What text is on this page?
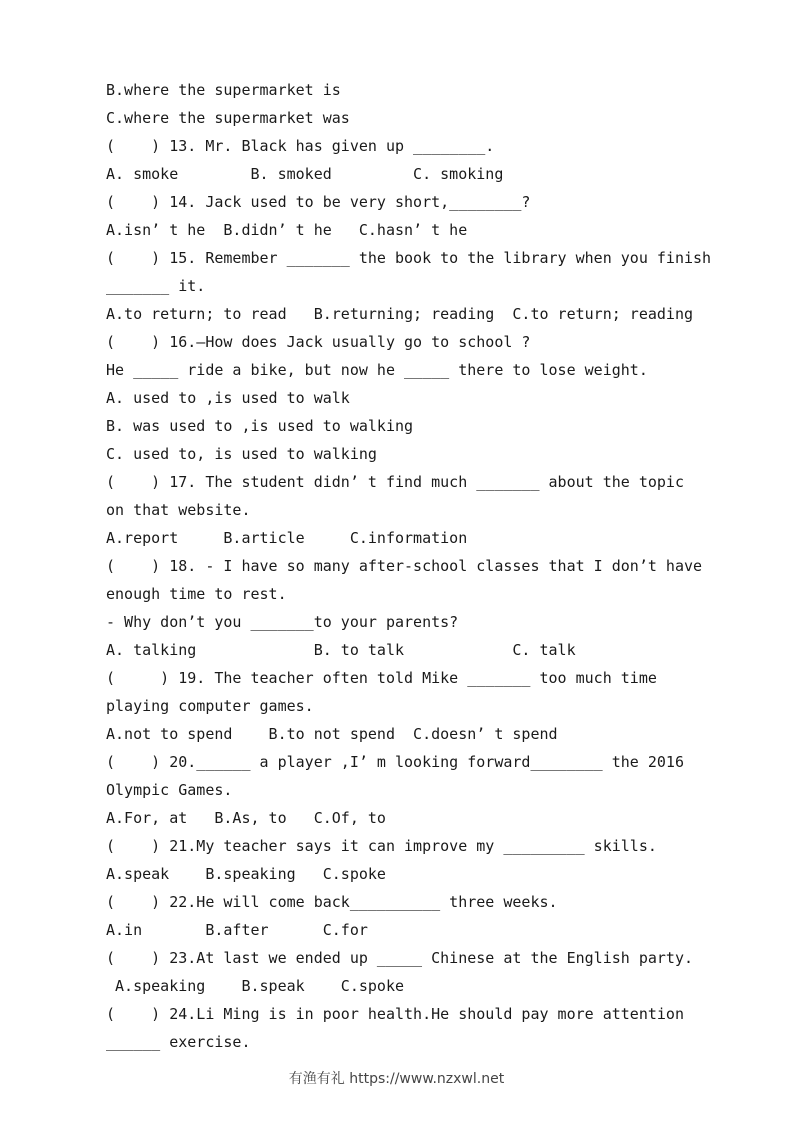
B.where the supermarket is
C.where the supermarket was
(    ) 13. Mr. Black has given up ________.
A. smoke        B. smoked         C. smoking
(    ) 14. Jack used to be very short,________?
A.isn’ t he  B.didn’ t he   C.hasn’ t he
(    ) 15. Remember _______ the book to the library when you finish
_______ it.
A.to return; to read   B.returning; reading  C.to return; reading
(    ) 16.—How does Jack usually go to school ?
He _____ ride a bike, but now he _____ there to lose weight.
A. used to ,is used to walk
B. was used to ,is used to walking
C. used to, is used to walking
(    ) 17. The student didn’ t find much _______ about the topic
on that website.
A.report     B.article     C.information
(    ) 18. - I have so many after-school classes that I don’t have
enough time to rest.
- Why don’t you _______to your parents?
A. talking             B. to talk            C. talk
(     ) 19. The teacher often told Mike _______ too much time
playing computer games.
A.not to spend    B.to not spend  C.doesn’ t spend
(    ) 20.______ a player ,I’ m looking forward________ the 2016
Olympic Games.
A.For, at   B.As, to   C.Of, to
(    ) 21.My teacher says it can improve my _________ skills.
A.speak    B.speaking   C.spoke
(    ) 22.He will come back__________ three weeks.
A.in       B.after      C.for
(    ) 23.At last we ended up _____ Chinese at the English party.
A.speaking    B.speak    C.spoke
(    ) 24.Li Ming is in poor health.He should pay more attention
______ exercise.
有渔有礼 https://www.nzxwl.net
